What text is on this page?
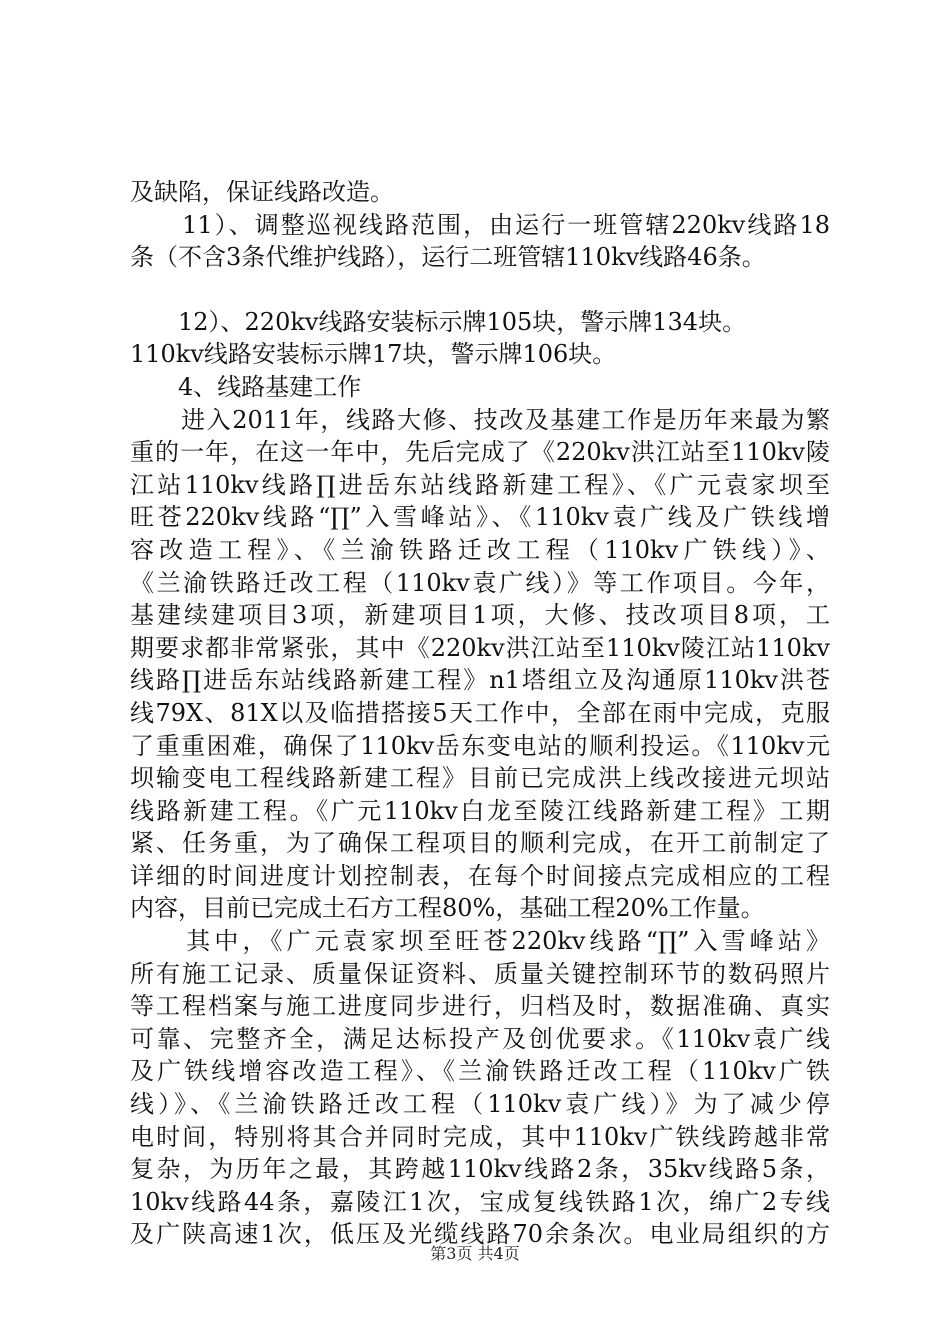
及缺陷，保证线路改造。
　　11）、调整巡视线路范围，由运行一班管辖220kv线路18
条（不含3条代维护线路），运行二班管辖110kv线路46条。
　　12）、220kv线路安装标示牌105块，警示牌134块。
110kv线路安装标示牌17块，警示牌106块。
　　4、线路基建工作
　　进入2011年，线路大修、技改及基建工作是历年来最为繁
重的一年，在这一年中，先后完成了《220kv洪江站至110kv陵
江站110kv线路∏进岳东站线路新建工程》、《广元袁家坝至
旺苍220kv线路“∏”入雪峰站》、《110kv袁广线及广铁线增
容改造工程》、《兰渝铁路迁改工程（110kv广铁线）》、
《兰渝铁路迁改工程（110kv袁广线）》等工作项目。今年，
基建续建项目3项，新建项目1项，大修、技改项目8项，工
期要求都非常紧张，其中《220kv洪江站至110kv陵江站110kv
线路∏进岳东站线路新建工程》n1塔组立及沟通原110kv洪苍
线79X、81X以及临措搭接5天工作中，全部在雨中完成，克服
了重重困难，确保了110kv岳东变电站的顺利投运。《110kv元
坝输变电工程线路新建工程》目前已完成洪上线改接进元坝站
线路新建工程。《广元110kv白龙至陵江线路新建工程》工期
紧、任务重，为了确保工程项目的顺利完成，在开工前制定了
详细的时间进度计划控制表，在每个时间接点完成相应的工程
内容，目前已完成土石方工程80%，基础工程20%工作量。
　　其中，《广元袁家坝至旺苍220kv线路“∏”入雪峰站》
所有施工记录、质量保证资料、质量关键控制环节的数码照片
等工程档案与施工进度同步进行，归档及时，数据准确、真实
可靠、完整齐全，满足达标投产及创优要求。《110kv袁广线
及广铁线增容改造工程》、《兰渝铁路迁改工程（110kv广铁
线）》、《兰渝铁路迁改工程（110kv袁广线）》为了减少停
电时间，特别将其合并同时完成，其中110kv广铁线跨越非常
复杂，为历年之最，其跨越110kv线路2条，35kv线路5条，
10kv线路44条，嘉陵江1次，宝成复线铁路1次，绵广2专线
及广陕高速1次，低压及光缆线路70余条次。电业局组织的方
第3页 共4页
